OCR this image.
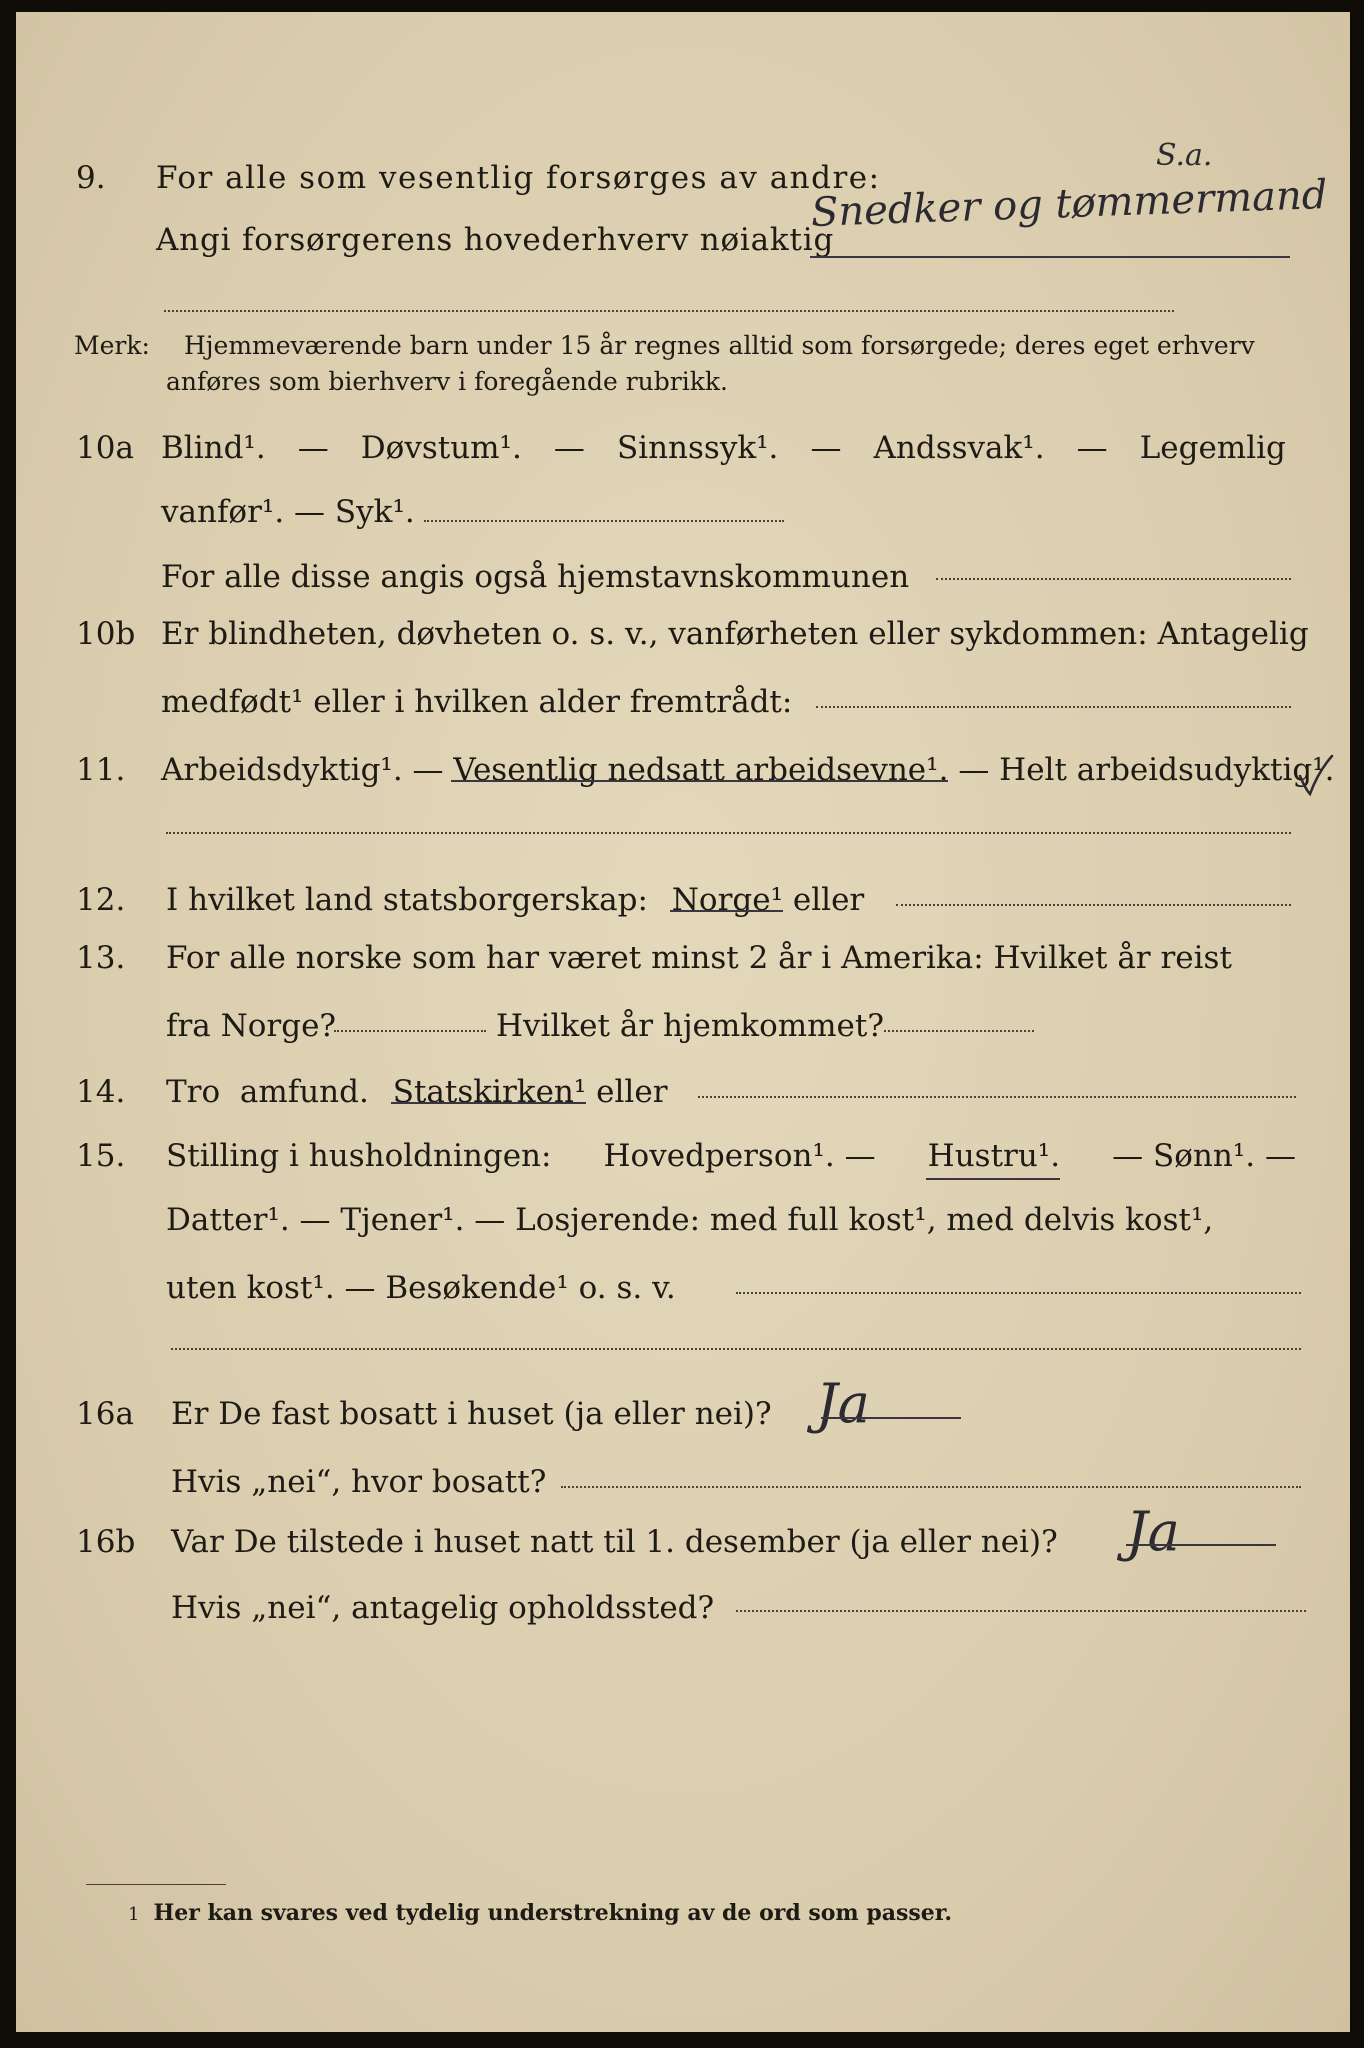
9. For alle som vesentlig forsørges av andre:
S.a.
Angi forsørgerens hovederhverv nøiaktig
Snedker og tømmermand
Merk: Hjemmeværende barn under 15 år regnes alltid som forsørgede; deres eget erhverv
anføres som bierhverv i foregående rubrikk.
10a Blind¹. — Døvstum¹. — Sinnssyk¹. — Andssvak¹. — Legemlig
vanfør¹. — Syk¹.
For alle disse angis også hjemstavnskommunen
10b Er blindheten, døvheten o. s. v., vanførheten eller sykdommen: Antagelig
medfødt¹ eller i hvilken alder fremtrådt:
11. Arbeidsdyktig¹. — Vesentlig nedsatt arbeidsevne¹. — Helt arbeidsudyktig¹.
12. I hvilket land statsborgerskap: Norge¹ eller
13. For alle norske som har været minst 2 år i Amerika: Hvilket år reist
fra Norge?	Hvilket år hjemkommet?
14. Tro  amfund. Statskirken¹ eller
15. Stilling i husholdningen: Hovedperson¹. — Hustru¹. — Sønn¹. —
Datter¹. — Tjener¹. — Losjerende: med full kost¹, med delvis kost¹,
uten kost¹. — Besøkende¹ o. s. v.
16a Er De fast bosatt i huset (ja eller nei)? Ja
Hvis „nei“, hvor bosatt?
16b Var De tilstede i huset natt til 1. desember (ja eller nei)? Ja
Hvis „nei“, antagelig opholdssted?
1 Her kan svares ved tydelig understrekning av de ord som passer.
